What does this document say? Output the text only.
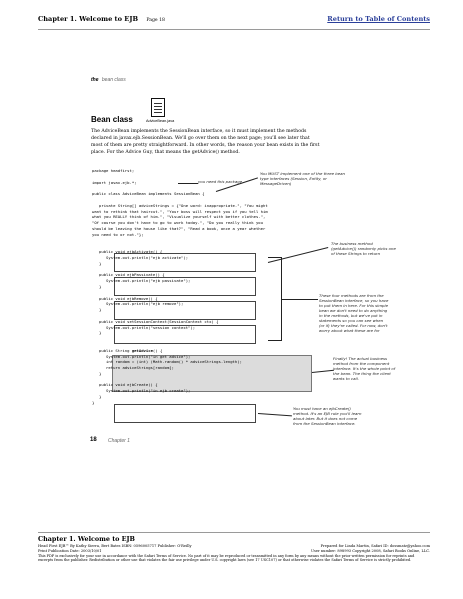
Chapter 1. Welcome to EJB Page 18	Return to Table of Contents
the bean class
AdviceBean.java
Bean class
The AdviceBean implements the SessionBean interface, so it must implement the methods declared in javax.ejb.SessionBean. We'll go over them on the next page; you'll see later that most of them are pretty straightforward. In other words, the reason your bean exists in the first place. For the Advice Guy, that means the getAdvice() method.
package headfirst;
import javax.ejb.*;
public class AdviceBean implements SessionBean {
private String[] adviceStrings = {"One word: inappropriate.", "You might
want to rethink that haircut.", "Your boss will respect you if you tell him
what you REALLY think of him.", "Visualize yourself with better clothes.",
"Of course you don't have to go to work today.", "Do you really think you
should be leaving the house like that?", "Read a book, once a year whether
you need to or not."};
public void ejbActivate() {
System.out.println("ejb activate");
}
public void ejbPassivate() {
System.out.println("ejb passivate");
}
public void ejbRemove() {
System.out.println("ejb remove");
}
public void setSessionContext(SessionContext ctx) {
System.out.println("session context");
}
public String getAdvice() {
System.out.println("in get advice");
int random = (int) (Math.random() * adviceStrings.length);
return adviceStrings[random];
}
public void ejbCreate() {
System.out.println("in ejb create");
}
}
you need this package
You MUST implement one of the three bean type interfaces (Session, Entity, or MessageDriven)
The business method (getAdvice()) randomly picks one of these Strings to return
These four methods are from the SessionBean interface, so you have to put them in here. For this simple bean we don't need to do anything in the methods, but we've put in statements so you can see when (or if) they're called. For now, don't worry about what these are for
Finally! The actual business method from the component interface. It's the whole point of the bean. The thing the client wants to call.
You must have an ejbCreate() method. It's an EJB rule you'll learn about later. But it does not come from the SessionBean interface.
18 Chapter 1
Chapter 1. Welcome to EJB
Head First EJB™ By Kathy Sierra, Bert Bates ISBN: 0596005717 Publisher: O'Reilly	Prepared for Linda Martin, Safari ID: dossmatz@yahoo.com
Print Publication Date: 2003/10/01	User number: 898993 Copyright 2008, Safari Books Online, LLC.
This PDF is exclusively for your use in accordance with the Safari Terms of Service. No part of it may be reproduced or transmitted in any form by any means without the prior written permission for reprints and excerpts from the publisher. Redistribution or other use that violates the fair use privilege under U.S. copyright laws (see 17 USC107) or that otherwise violates the Safari Terms of Service is strictly prohibited.
